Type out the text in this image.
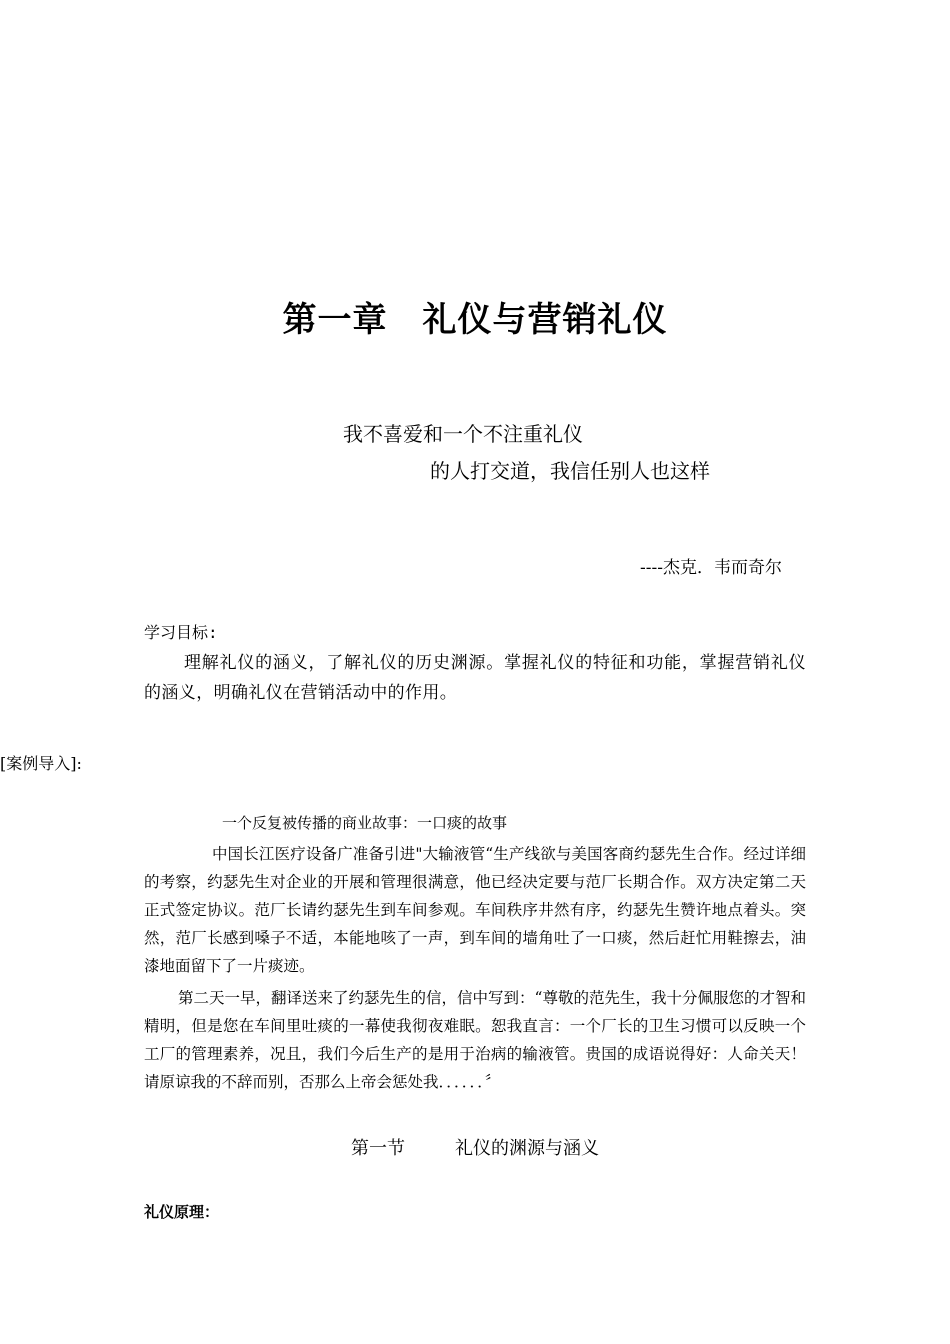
第一章　礼仪与营销礼仪
我不喜爱和一个不注重礼仪
的人打交道，我信任别人也这样
----杰克．韦而奇尔
学习目标:
理解礼仪的涵义，了解礼仪的历史渊源。掌握礼仪的特征和功能，掌握营销礼仪的涵义，明确礼仪在营销活动中的作用。
[案例导入]:
一个反复被传播的商业故事：一口痰的故事
中国长江医疗设备广准备引进"大输液管“生产线欲与美国客商约瑟先生合作。经过详细的考察，约瑟先生对企业的开展和管理很满意，他已经决定要与范厂长期合作。双方决定第二天正式签定协议。范厂长请约瑟先生到车间参观。车间秩序井然有序，约瑟先生赞许地点着头。突然，范厂长感到嗓子不适，本能地咳了一声，到车间的墙角吐了一口痰，然后赶忙用鞋擦去，油漆地面留下了一片痰迹。
第二天一早，翻译送来了约瑟先生的信，信中写到：“尊敬的范先生，我十分佩服您的才智和精明，但是您在车间里吐痰的一幕使我彻夜难眠。恕我直言：一个厂长的卫生习惯可以反映一个工厂的管理素养，况且，我们今后生产的是用于治病的输液管。贵国的成语说得好：人命关天！请原谅我的不辞而别，否那么上帝会惩处我．．．．．．〞
第一节	礼仪的渊源与涵义
礼仪原理：
